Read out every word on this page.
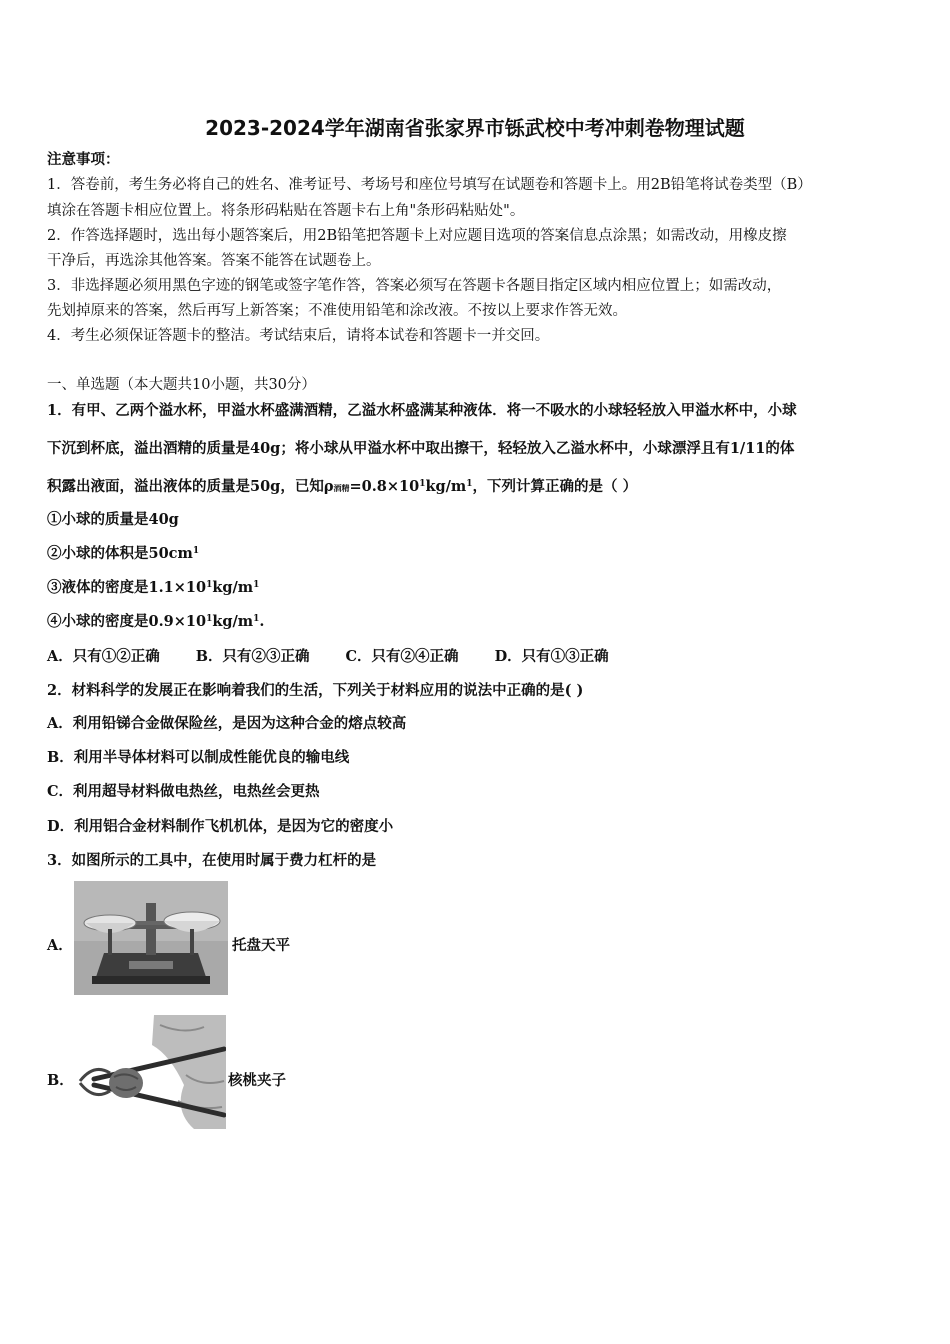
2023-2024学年湖南省张家界市铄武校中考冲刺卷物理试题
注意事项：
1．答卷前，考生务必将自己的姓名、准考证号、考场号和座位号填写在试题卷和答题卡上。用2B铅笔将试卷类型（B）
填涂在答题卡相应位置上。将条形码粘贴在答题卡右上角"条形码粘贴处"。
2．作答选择题时，选出每小题答案后，用2B铅笔把答题卡上对应题目选项的答案信息点涂黑；如需改动，用橡皮擦
干净后，再选涂其他答案。答案不能答在试题卷上。
3．非选择题必须用黑色字迹的钢笔或签字笔作答，答案必须写在答题卡各题目指定区域内相应位置上；如需改动，
先划掉原来的答案，然后再写上新答案；不准使用铅笔和涂改液。不按以上要求作答无效。
4．考生必须保证答题卡的整洁。考试结束后，请将本试卷和答题卡一并交回。
一、单选题（本大题共10小题，共30分）
1．有甲、乙两个溢水杯，甲溢水杯盛满酒精，乙溢水杯盛满某种液体．将一不吸水的小球轻轻放入甲溢水杯中，小球
下沉到杯底，溢出酒精的质量是40g；将小球从甲溢水杯中取出擦干，轻轻放入乙溢水杯中，小球漂浮且有1/11的体
积露出液面，溢出液体的质量是50g，已知ρ酒精$=0.8\times 10^1kg/m^1$，下列计算正确的是（ ）
①小球的质量是40g
②小球的体积是$50cm^1$
③液体的密度是$1.1\times 10^1kg/m^1$
④小球的密度是$0.9\times 10^1kg/m^1$.
A．只有①②正确 B．只有②③正确 C．只有②④正确 D．只有①③正确
2．材料科学的发展正在影响着我们的生活，下列关于材料应用的说法中正确的是( )
A．利用铅锑合金做保险丝，是因为这种合金的熔点较高
B．利用半导体材料可以制成性能优良的输电线
C．利用超导材料做电热丝，电热丝会更热
D．利用铝合金材料制作飞机机体，是因为它的密度小
3．如图所示的工具中，在使用时属于费力杠杆的是
A．	托盘天平
B．	核桃夹子
